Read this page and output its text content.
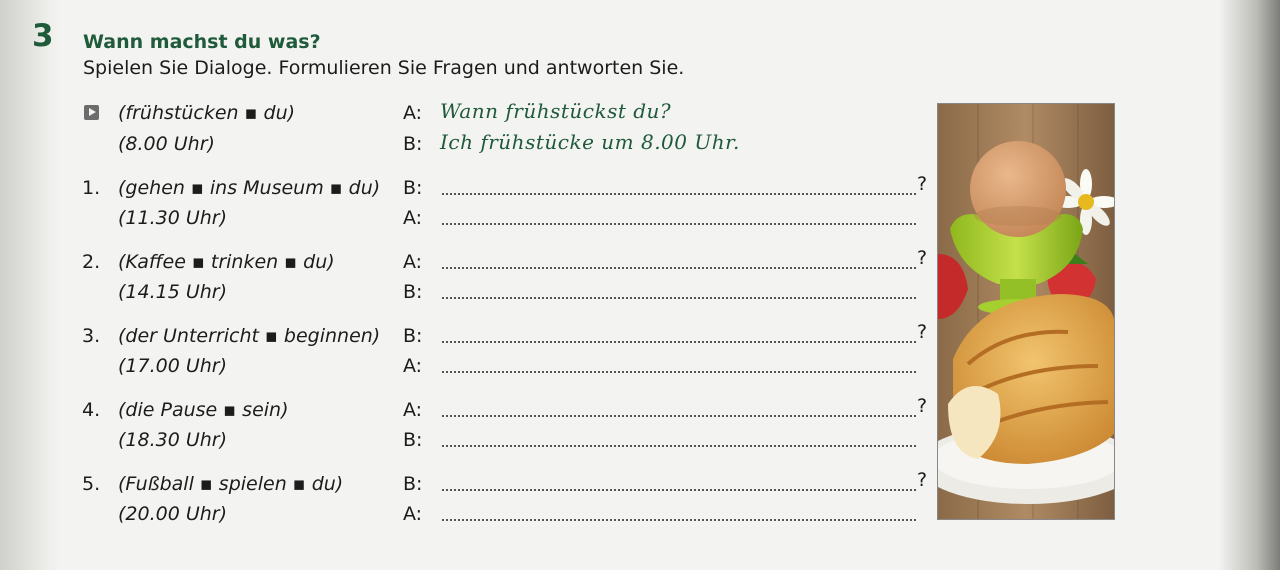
3 Wann machst du was?
Spielen Sie Dialoge. Formulieren Sie Fragen und antworten Sie.
(frühstücken ▪ du)	A: Wann frühstückst du?
(8.00 Uhr)	B: Ich frühstücke um 8.00 Uhr.
1. (gehen ▪ ins Museum ▪ du) B:	?
(11.30 Uhr)	A:
2. (Kaffee ▪ trinken ▪ du)	A:	?
(14.15 Uhr)	B:
3. (der Unterricht ▪ beginnen) B:	?
(17.00 Uhr)	A:
4. (die Pause ▪ sein)	A:	?
(18.30 Uhr)	B:
5. (Fußball ▪ spielen ▪ du)	B:	?
(20.00 Uhr)	A:
